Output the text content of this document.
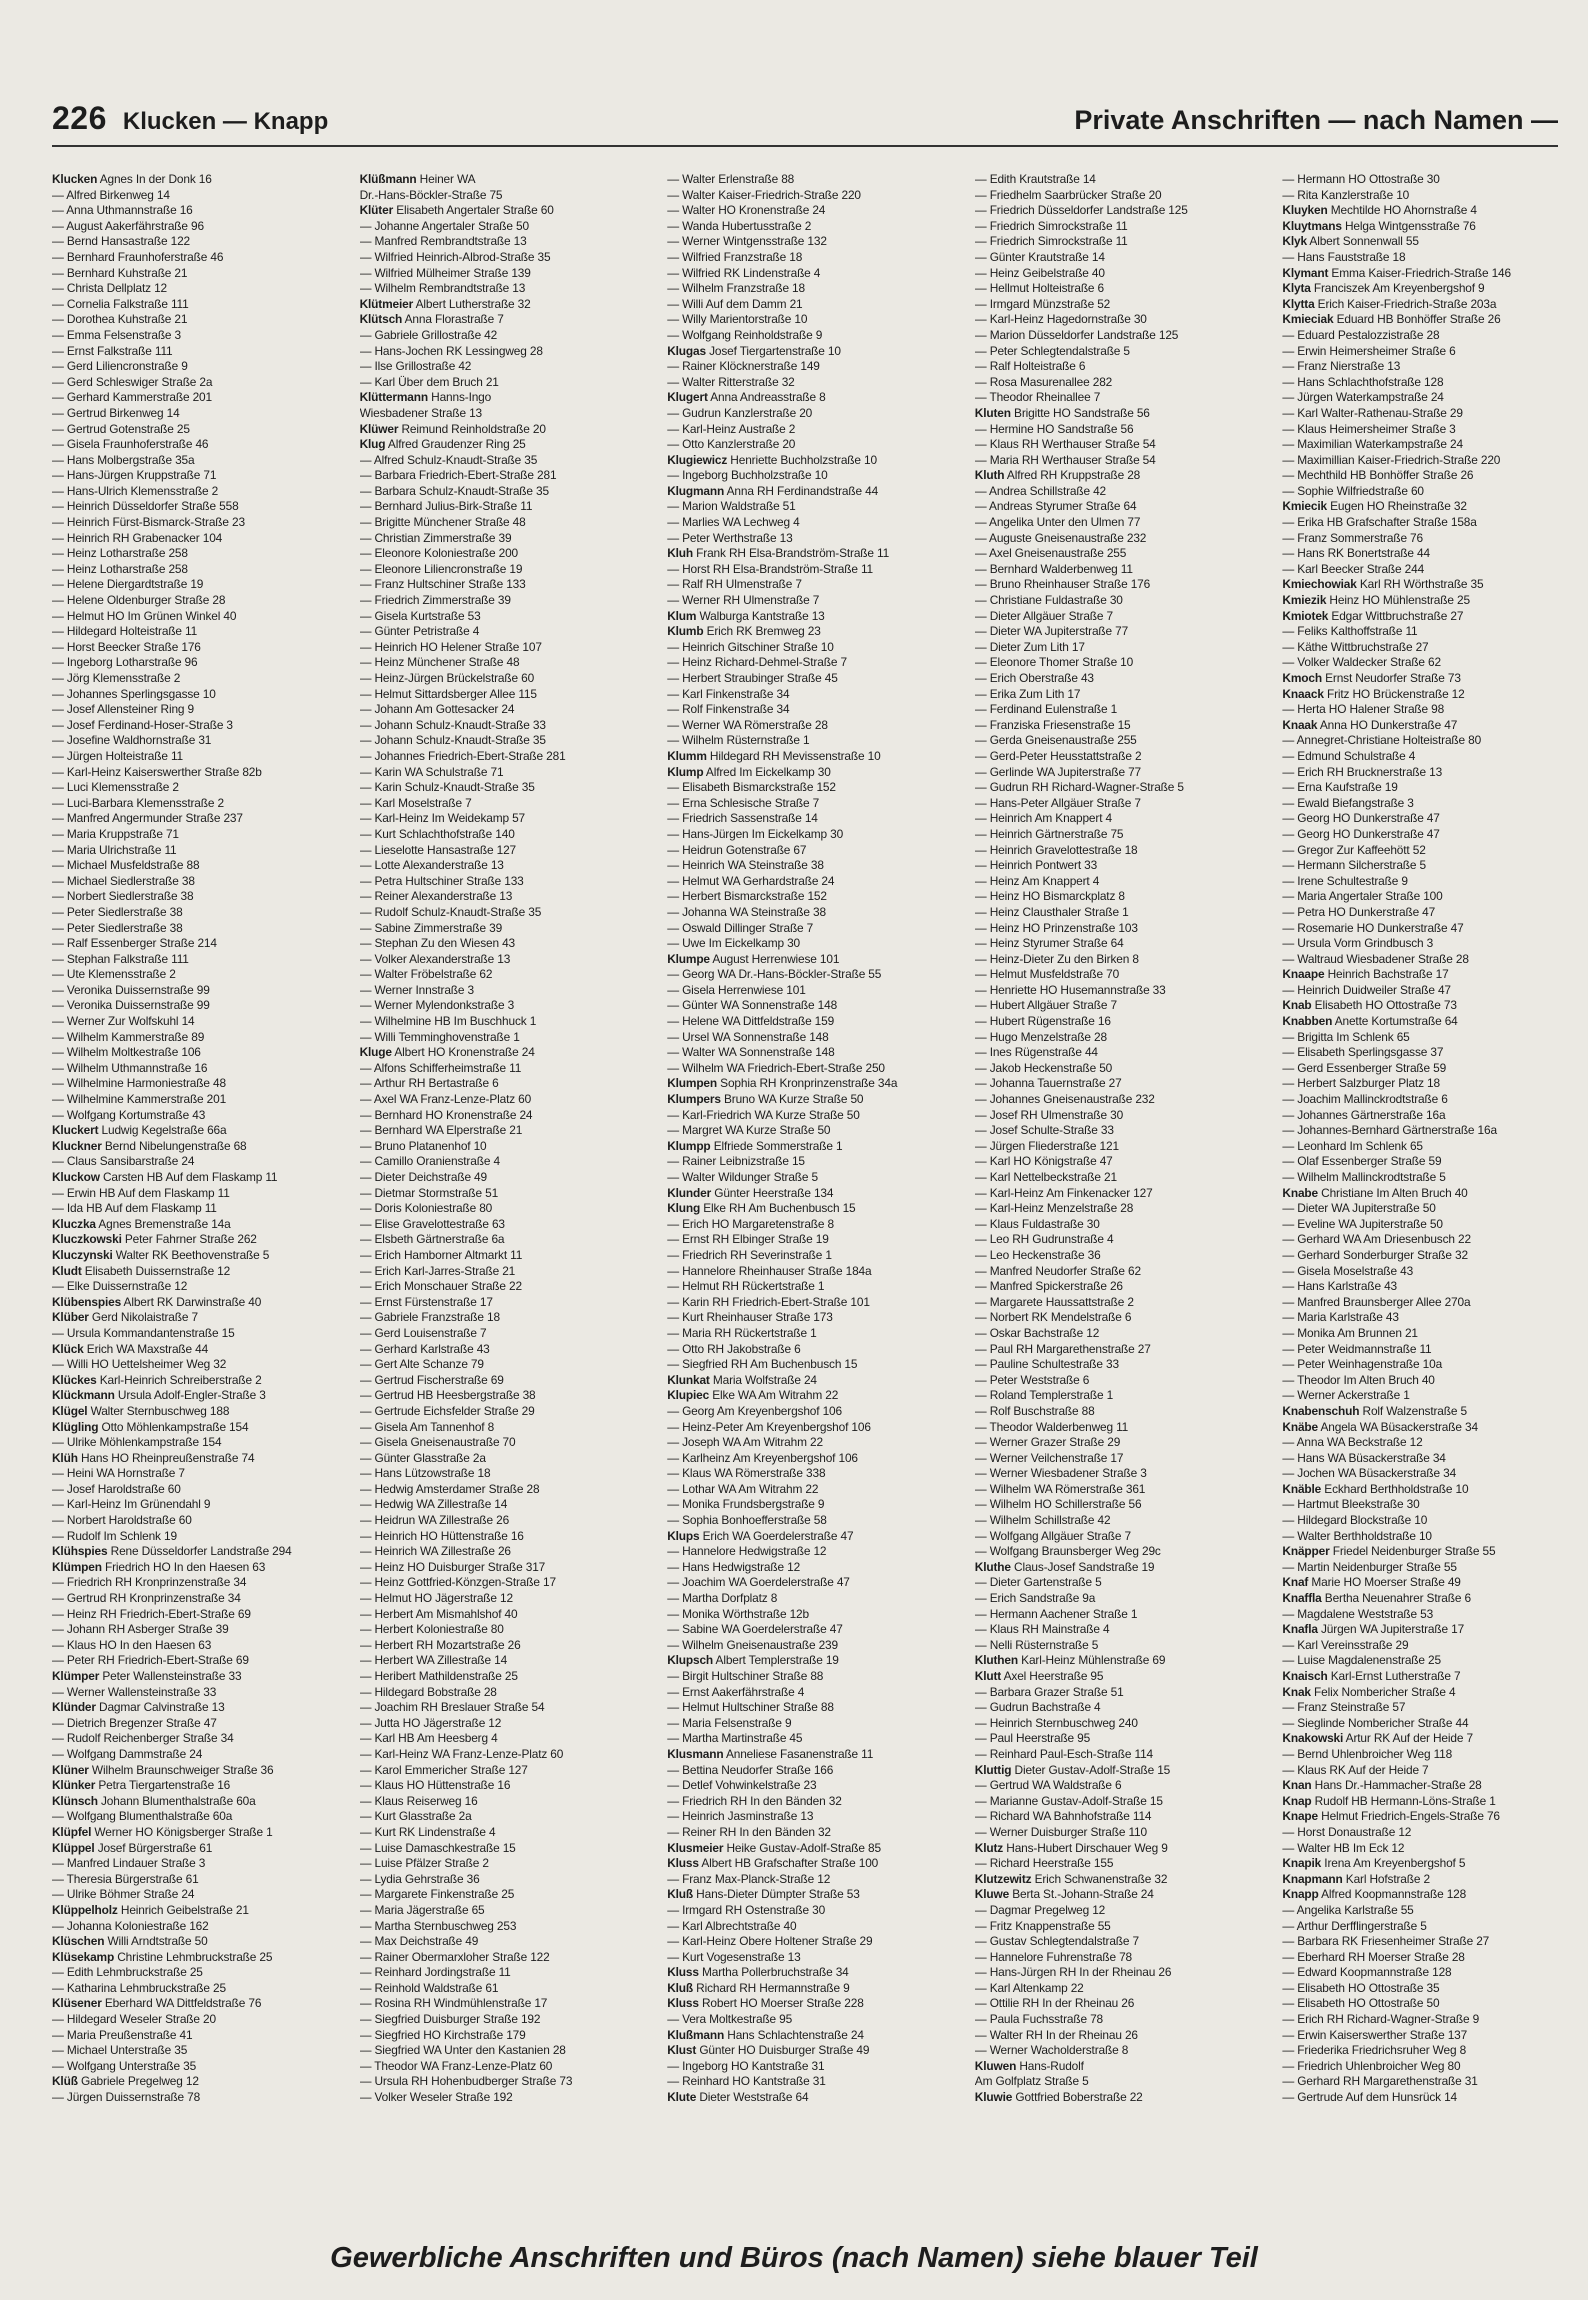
226 Klucken — Knapp	Private Anschriften — nach Namen —
Klucken Agnes In der Donk 16
— Alfred Birkenweg 14
— Anna Uthmannstraße 16
— August Aakerfährstraße 96
— Bernd Hansastraße 122
— Bernhard Fraunhoferstraße 46
— Bernhard Kuhstraße 21
— Christa Dellplatz 12
— Cornelia Falkstraße 111
— Dorothea Kuhstraße 21
— Emma Felsenstraße 3
— Ernst Falkstraße 111
— Gerd Liliencronstraße 9
— Gerd Schleswiger Straße 2a
— Gerhard Kammerstraße 201
— Gertrud Birkenweg 14
— Gertrud Gotenstraße 25
— Gisela Fraunhoferstraße 46
— Hans Molbergstraße 35a
— Hans-Jürgen Kruppstraße 71
— Hans-Ulrich Klemensstraße 2
— Heinrich Düsseldorfer Straße 558
— Heinrich Fürst-Bismarck-Straße 23
— Heinrich RH Grabenacker 104
— Heinz Lotharstraße 258
— Heinz Lotharstraße 258
— Helene Diergardtstraße 19
— Helene Oldenburger Straße 28
— Helmut HO Im Grünen Winkel 40
— Hildegard Holteistraße 11
— Horst Beecker Straße 176
— Ingeborg Lotharstraße 96
— Jörg Klemensstraße 2
— Johannes Sperlingsgasse 10
— Josef Allensteiner Ring 9
— Josef Ferdinand-Hoser-Straße 3
— Josefine Waldhornstraße 31
— Jürgen Holteistraße 11
— Karl-Heinz Kaiserswerther Straße 82b
— Luci Klemensstraße 2
— Luci-Barbara Klemensstraße 2
— Manfred Angermunder Straße 237
— Maria Kruppstraße 71
— Maria Ulrichstraße 11
— Michael Musfeldstraße 88
— Michael Siedlerstraße 38
— Norbert Siedlerstraße 38
— Peter Siedlerstraße 38
— Peter Siedlerstraße 38
— Ralf Essenberger Straße 214
— Stephan Falkstraße 111
— Ute Klemensstraße 2
— Veronika Duissernstraße 99
— Veronika Duissernstraße 99
— Werner Zur Wolfskuhl 14
— Wilhelm Kammerstraße 89
— Wilhelm Moltkestraße 106
— Wilhelm Uthmannstraße 16
— Wilhelmine Harmoniestraße 48
— Wilhelmine Kammerstraße 201
— Wolfgang Kortumstraße 43
Kluckert Ludwig Kegelstraße 66a
Kluckner Bernd Nibelungenstraße 68
— Claus Sansibarstraße 24
Kluckow Carsten HB Auf dem Flaskamp 11
— Erwin HB Auf dem Flaskamp 11
— Ida HB Auf dem Flaskamp 11
Kluczka Agnes Bremenstraße 14a
Kluczkowski Peter Fahrner Straße 262
Kluczynski Walter RK Beethovenstraße 5
Kludt Elisabeth Duissernstraße 12
— Elke Duissernstraße 12
Klübenspies Albert RK Darwinstraße 40
Klüber Gerd Nikolaistraße 7
— Ursula Kommandantenstraße 15
Klück Erich WA Maxstraße 44
— Willi HO Uettelsheimer Weg 32
Klückes Karl-Heinrich Schreiberstraße 2
Klückmann Ursula Adolf-Engler-Straße 3
Klügel Walter Sternbuschweg 188
Klügling Otto Möhlenkampstraße 154
— Ulrike Möhlenkampstraße 154
Klüh Hans HO Rheinpreußenstraße 74
— Heini WA Hornstraße 7
— Josef Haroldstraße 60
— Karl-Heinz Im Grünendahl 9
— Norbert Haroldstraße 60
— Rudolf Im Schlenk 19
Klühspies Rene Düsseldorfer Landstraße 294
Klümpen Friedrich HO In den Haesen 63
— Friedrich RH Kronprinzenstraße 34
— Gertrud RH Kronprinzenstraße 34
— Heinz RH Friedrich-Ebert-Straße 69
— Johann RH Asberger Straße 39
— Klaus HO In den Haesen 63
— Peter RH Friedrich-Ebert-Straße 69
Klümper Peter Wallensteinstraße 33
— Werner Wallensteinstraße 33
Klünder Dagmar Calvinstraße 13
— Dietrich Bregenzer Straße 47
— Rudolf Reichenberger Straße 34
— Wolfgang Dammstraße 24
Klüner Wilhelm Braunschweiger Straße 36
Klünker Petra Tiergartenstraße 16
Klünsch Johann Blumenthalstraße 60a
— Wolfgang Blumenthalstraße 60a
Klüpfel Werner HO Königsberger Straße 1
Klüppel Josef Bürgerstraße 61
— Manfred Lindauer Straße 3
— Theresia Bürgerstraße 61
— Ulrike Böhmer Straße 24
Klüppelholz Heinrich Geibelstraße 21
— Johanna Koloniestraße 162
Klüschen Willi Arndtstraße 50
Klüsekamp Christine Lehmbruckstraße 25
— Edith Lehmbruckstraße 25
— Katharina Lehmbruckstraße 25
Klüsener Eberhard WA Dittfeldstraße 76
— Hildegard Weseler Straße 20
— Maria Preußenstraße 41
— Michael Unterstraße 35
— Wolfgang Unterstraße 35
Klüß Gabriele Pregelweg 12
— Jürgen Duissernstraße 78
Klüßmann Heiner WA
Dr.-Hans-Böckler-Straße 75
Klüter Elisabeth Angertaler Straße 60
— Johanne Angertaler Straße 50
— Manfred Rembrandtstraße 13
— Wilfried Heinrich-Albrod-Straße 35
— Wilfried Mülheimer Straße 139
— Wilhelm Rembrandtstraße 13
Klütmeier Albert Lutherstraße 32
Klütsch Anna Florastraße 7
— Gabriele Grillostraße 42
— Hans-Jochen RK Lessingweg 28
— Ilse Grillostraße 42
— Karl Über dem Bruch 21
Klüttermann Hanns-Ingo
Wiesbadener Straße 13
Klüwer Reimund Reinholdstraße 20
Klug Alfred Graudenzer Ring 25
— Alfred Schulz-Knaudt-Straße 35
— Barbara Friedrich-Ebert-Straße 281
— Barbara Schulz-Knaudt-Straße 35
— Bernhard Julius-Birk-Straße 11
— Brigitte Münchener Straße 48
— Christian Zimmerstraße 39
— Eleonore Koloniestraße 200
— Eleonore Liliencronstraße 19
— Franz Hultschiner Straße 133
— Friedrich Zimmerstraße 39
— Gisela Kurtstraße 53
— Günter Petristraße 4
— Heinrich HO Helener Straße 107
— Heinz Münchener Straße 48
— Heinz-Jürgen Brückelstraße 60
— Helmut Sittardsberger Allee 115
— Johann Am Gottesacker 24
— Johann Schulz-Knaudt-Straße 33
— Johann Schulz-Knaudt-Straße 35
— Johannes Friedrich-Ebert-Straße 281
— Karin WA Schulstraße 71
— Karin Schulz-Knaudt-Straße 35
— Karl Moselstraße 7
— Karl-Heinz Im Weidekamp 57
— Kurt Schlachthofstraße 140
— Lieselotte Hansastraße 127
— Lotte Alexanderstraße 13
— Petra Hultschiner Straße 133
— Reiner Alexanderstraße 13
— Rudolf Schulz-Knaudt-Straße 35
— Sabine Zimmerstraße 39
— Stephan Zu den Wiesen 43
— Volker Alexanderstraße 13
— Walter Fröbelstraße 62
— Werner Innstraße 3
— Werner Mylendonkstraße 3
— Wilhelmine HB Im Buschhuck 1
— Willi Temminghovenstraße 1
Kluge Albert HO Kronenstraße 24
— Alfons Schifferheimstraße 11
— Arthur RH Bertastraße 6
— Axel WA Franz-Lenze-Platz 60
— Bernhard HO Kronenstraße 24
— Bernhard WA Elperstraße 21
— Bruno Platanenhof 10
— Camillo Oranienstraße 4
— Dieter Deichstraße 49
— Dietmar Stormstraße 51
— Doris Koloniestraße 80
— Elise Gravelottestraße 63
— Elsbeth Gärtnerstraße 6a
— Erich Hamborner Altmarkt 11
— Erich Karl-Jarres-Straße 21
— Erich Monschauer Straße 22
— Ernst Fürstenstraße 17
— Gabriele Franzstraße 18
— Gerd Louisenstraße 7
— Gerhard Karlstraße 43
— Gert Alte Schanze 79
— Gertrud Fischerstraße 69
— Gertrud HB Heesbergstraße 38
— Gertrude Eichsfelder Straße 29
— Gisela Am Tannenhof 8
— Gisela Gneisenaustraße 70
— Günter Glasstraße 2a
— Hans Lützowstraße 18
— Hedwig Amsterdamer Straße 28
— Hedwig WA Zillestraße 14
— Heidrun WA Zillestraße 26
— Heinrich HO Hüttenstraße 16
— Heinrich WA Zillestraße 26
— Heinz HO Duisburger Straße 317
— Heinz Gottfried-Könzgen-Straße 17
— Helmut HO Jägerstraße 12
— Herbert Am Mismahlshof 40
— Herbert Koloniestraße 80
— Herbert RH Mozartstraße 26
— Herbert WA Zillestraße 14
— Heribert Mathildenstraße 25
— Hildegard Bobstraße 28
— Joachim RH Breslauer Straße 54
— Jutta HO Jägerstraße 12
— Karl HB Am Heesberg 4
— Karl-Heinz WA Franz-Lenze-Platz 60
— Karol Emmericher Straße 127
— Klaus HO Hüttenstraße 16
— Klaus Reiserweg 16
— Kurt Glasstraße 2a
— Kurt RK Lindenstraße 4
— Luise Damaschkestraße 15
— Luise Pfälzer Straße 2
— Lydia Gehrstraße 36
— Margarete Finkenstraße 25
— Maria Jägerstraße 65
— Martha Sternbuschweg 253
— Max Deichstraße 49
— Rainer Obermarxloher Straße 122
— Reinhard Jordingstraße 11
— Reinhold Waldstraße 61
— Rosina RH Windmühlenstraße 17
— Siegfried Duisburger Straße 192
— Siegfried HO Kirchstraße 179
— Siegfried WA Unter den Kastanien 28
— Theodor WA Franz-Lenze-Platz 60
— Ursula RH Hohenbudberger Straße 73
— Volker Weseler Straße 192
— Walter Erlenstraße 88
— Walter Kaiser-Friedrich-Straße 220
— Walter HO Kronenstraße 24
— Wanda Hubertusstraße 2
— Werner Wintgensstraße 132
— Wilfried Franzstraße 18
— Wilfried RK Lindenstraße 4
— Wilhelm Franzstraße 18
— Willi Auf dem Damm 21
— Willy Marientorstraße 10
— Wolfgang Reinholdstraße 9
Klugas Josef Tiergartenstraße 10
— Rainer Klöcknerstraße 149
— Walter Ritterstraße 32
Klugert Anna Andreasstraße 8
— Gudrun Kanzlerstraße 20
— Karl-Heinz Austraße 2
— Otto Kanzlerstraße 20
Klugiewicz Henriette Buchholzstraße 10
— Ingeborg Buchholzstraße 10
Klugmann Anna RH Ferdinandstraße 44
— Marion Waldstraße 51
— Marlies WA Lechweg 4
— Peter Werthstraße 13
Kluh Frank RH Elsa-Brandström-Straße 11
— Horst RH Elsa-Brandström-Straße 11
— Ralf RH Ulmenstraße 7
— Werner RH Ulmenstraße 7
Klum Walburga Kantstraße 13
Klumb Erich RK Bremweg 23
— Heinrich Gitschiner Straße 10
— Heinz Richard-Dehmel-Straße 7
— Herbert Straubinger Straße 45
— Karl Finkenstraße 34
— Rolf Finkenstraße 34
— Werner WA Römerstraße 28
— Wilhelm Rüsternstraße 1
Klumm Hildegard RH Mevissenstraße 10
Klump Alfred Im Eickelkamp 30
— Elisabeth Bismarckstraße 152
— Erna Schlesische Straße 7
— Friedrich Sassenstraße 14
— Hans-Jürgen Im Eickelkamp 30
— Heidrun Gotenstraße 67
— Heinrich WA Steinstraße 38
— Helmut WA Gerhardstraße 24
— Herbert Bismarckstraße 152
— Johanna WA Steinstraße 38
— Oswald Dillinger Straße 7
— Uwe Im Eickelkamp 30
Klumpe August Herrenwiese 101
— Georg WA Dr.-Hans-Böckler-Straße 55
— Gisela Herrenwiese 101
— Günter WA Sonnenstraße 148
— Helene WA Dittfeldstraße 159
— Ursel WA Sonnenstraße 148
— Walter WA Sonnenstraße 148
— Wilhelm WA Friedrich-Ebert-Straße 250
Klumpen Sophia RH Kronprinzenstraße 34a
Klumpers Bruno WA Kurze Straße 50
— Karl-Friedrich WA Kurze Straße 50
— Margret WA Kurze Straße 50
Klumpp Elfriede Sommerstraße 1
— Rainer Leibnizstraße 15
— Walter Wildunger Straße 5
Klunder Günter Heerstraße 134
Klung Elke RH Am Buchenbusch 15
— Erich HO Margaretenstraße 8
— Ernst RH Elbinger Straße 19
— Friedrich RH Severinstraße 1
— Hannelore Rheinhauser Straße 184a
— Helmut RH Rückertstraße 1
— Karin RH Friedrich-Ebert-Straße 101
— Kurt Rheinhauser Straße 173
— Maria RH Rückertstraße 1
— Otto RH Jakobstraße 6
— Siegfried RH Am Buchenbusch 15
Klunkat Maria Wolfstraße 24
Klupiec Elke WA Am Witrahm 22
— Georg Am Kreyenbergshof 106
— Heinz-Peter Am Kreyenbergshof 106
— Joseph WA Am Witrahm 22
— Karlheinz Am Kreyenbergshof 106
— Klaus WA Römerstraße 338
— Lothar WA Am Witrahm 22
— Monika Frundsbergstraße 9
— Sophia Bonhoefferstraße 58
Klups Erich WA Goerdelerstraße 47
— Hannelore Hedwigstraße 12
— Hans Hedwigstraße 12
— Joachim WA Goerdelerstraße 47
— Martha Dorfplatz 8
— Monika Wörthstraße 12b
— Sabine WA Goerdelerstraße 47
— Wilhelm Gneisenaustraße 239
Klupsch Albert Templerstraße 19
— Birgit Hultschiner Straße 88
— Ernst Aakerfährstraße 4
— Helmut Hultschiner Straße 88
— Maria Felsenstraße 9
— Martha Martinstraße 45
Klusmann Anneliese Fasanenstraße 11
— Bettina Neudorfer Straße 166
— Detlef Vohwinkelstraße 23
— Friedrich RH In den Bänden 32
— Heinrich Jasminstraße 13
— Reiner RH In den Bänden 32
Klusmeier Heike Gustav-Adolf-Straße 85
Kluss Albert HB Grafschafter Straße 100
— Franz Max-Planck-Straße 12
Kluß Hans-Dieter Dümpter Straße 53
— Irmgard RH Ostenstraße 30
— Karl Albrechtstraße 40
— Karl-Heinz Obere Holtener Straße 29
— Kurt Vogesenstraße 13
Kluss Martha Pollerbruchstraße 34
Kluß Richard RH Hermannstraße 9
Kluss Robert HO Moerser Straße 228
— Vera Moltkestraße 95
Klußmann Hans Schlachtenstraße 24
Klust Günter HO Duisburger Straße 49
— Ingeborg HO Kantstraße 31
— Reinhard HO Kantstraße 31
Klute Dieter Weststraße 64
— Edith Krautstraße 14
— Friedhelm Saarbrücker Straße 20
— Friedrich Düsseldorfer Landstraße 125
— Friedrich Simrockstraße 11
— Friedrich Simrockstraße 11
— Günter Krautstraße 14
— Heinz Geibelstraße 40
— Hellmut Holteistraße 6
— Irmgard Münzstraße 52
— Karl-Heinz Hagedornstraße 30
— Marion Düsseldorfer Landstraße 125
— Peter Schlegtendalstraße 5
— Ralf Holteistraße 6
— Rosa Masurenallee 282
— Theodor Rheinallee 7
Kluten Brigitte HO Sandstraße 56
— Hermine HO Sandstraße 56
— Klaus RH Werthauser Straße 54
— Maria RH Werthauser Straße 54
Kluth Alfred RH Kruppstraße 28
— Andrea Schillstraße 42
— Andreas Styrumer Straße 64
— Angelika Unter den Ulmen 77
— Auguste Gneisenaustraße 232
— Axel Gneisenaustraße 255
— Bernhard Walderbenweg 11
— Bruno Rheinhauser Straße 176
— Christiane Fuldastraße 30
— Dieter Allgäuer Straße 7
— Dieter WA Jupiterstraße 77
— Dieter Zum Lith 17
— Eleonore Thomer Straße 10
— Erich Oberstraße 43
— Erika Zum Lith 17
— Ferdinand Eulenstraße 1
— Franziska Friesenstraße 15
— Gerda Gneisenaustraße 255
— Gerd-Peter Heusstattstraße 2
— Gerlinde WA Jupiterstraße 77
— Gudrun RH Richard-Wagner-Straße 5
— Hans-Peter Allgäuer Straße 7
— Heinrich Am Knappert 4
— Heinrich Gärtnerstraße 75
— Heinrich Gravelottestraße 18
— Heinrich Pontwert 33
— Heinz Am Knappert 4
— Heinz HO Bismarckplatz 8
— Heinz Clausthaler Straße 1
— Heinz HO Prinzenstraße 103
— Heinz Styrumer Straße 64
— Heinz-Dieter Zu den Birken 8
— Helmut Musfeldstraße 70
— Henriette HO Husemannstraße 33
— Hubert Allgäuer Straße 7
— Hubert Rügenstraße 16
— Hugo Menzelstraße 28
— Ines Rügenstraße 44
— Jakob Heckenstraße 50
— Johanna Tauernstraße 27
— Johannes Gneisenaustraße 232
— Josef RH Ulmenstraße 30
— Josef Schulte-Straße 33
— Jürgen Fliederstraße 121
— Karl HO Königstraße 47
— Karl Nettelbeckstraße 21
— Karl-Heinz Am Finkenacker 127
— Karl-Heinz Menzelstraße 28
— Klaus Fuldastraße 30
— Leo RH Gudrunstraße 4
— Leo Heckenstraße 36
— Manfred Neudorfer Straße 62
— Manfred Spickerstraße 26
— Margarete Haussattstraße 2
— Norbert RK Mendelstraße 6
— Oskar Bachstraße 12
— Paul RH Margarethenstraße 27
— Pauline Schultestraße 33
— Peter Weststraße 6
— Roland Templerstraße 1
— Rolf Buschstraße 88
— Theodor Walderbenweg 11
— Werner Grazer Straße 29
— Werner Veilchenstraße 17
— Werner Wiesbadener Straße 3
— Wilhelm WA Römerstraße 361
— Wilhelm HO Schillerstraße 56
— Wilhelm Schillstraße 42
— Wolfgang Allgäuer Straße 7
— Wolfgang Braunsberger Weg 29c
Kluthe Claus-Josef Sandstraße 19
— Dieter Gartenstraße 5
— Erich Sandstraße 9a
— Hermann Aachener Straße 1
— Klaus RH Mainstraße 4
— Nelli Rüsternstraße 5
Kluthen Karl-Heinz Mühlenstraße 69
Klutt Axel Heerstraße 95
— Barbara Grazer Straße 51
— Gudrun Bachstraße 4
— Heinrich Sternbuschweg 240
— Paul Heerstraße 95
— Reinhard Paul-Esch-Straße 114
Kluttig Dieter Gustav-Adolf-Straße 15
— Gertrud WA Waldstraße 6
— Marianne Gustav-Adolf-Straße 15
— Richard WA Bahnhofstraße 114
— Werner Duisburger Straße 110
Klutz Hans-Hubert Dirschauer Weg 9
— Richard Heerstraße 155
Klutzewitz Erich Schwanenstraße 32
Kluwe Berta St.-Johann-Straße 24
— Dagmar Pregelweg 12
— Fritz Knappenstraße 55
— Gustav Schlegtendalstraße 7
— Hannelore Fuhrenstraße 78
— Hans-Jürgen RH In der Rheinau 26
— Karl Altenkamp 22
— Ottilie RH In der Rheinau 26
— Paula Fuchsstraße 78
— Walter RH In der Rheinau 26
— Werner Wacholderstraße 8
Kluwen Hans-Rudolf
Am Golfplatz Straße 5
Kluwie Gottfried Boberstraße 22
— Hermann HO Ottostraße 30
— Rita Kanzlerstraße 10
Kluyken Mechtilde HO Ahornstraße 4
Kluytmans Helga Wintgensstraße 76
Klyk Albert Sonnenwall 55
— Hans Fauststraße 18
Klymant Emma Kaiser-Friedrich-Straße 146
Klyta Franciszek Am Kreyenbergshof 9
Klytta Erich Kaiser-Friedrich-Straße 203a
Kmieciak Eduard HB Bonhöffer Straße 26
— Eduard Pestalozzistraße 28
— Erwin Heimersheimer Straße 6
— Franz Nierstraße 13
— Hans Schlachthofstraße 128
— Jürgen Waterkampstraße 24
— Karl Walter-Rathenau-Straße 29
— Klaus Heimersheimer Straße 3
— Maximilian Waterkampstraße 24
— Maximillian Kaiser-Friedrich-Straße 220
— Mechthild HB Bonhöffer Straße 26
— Sophie Wilfriedstraße 60
Kmiecik Eugen HO Rheinstraße 32
— Erika HB Grafschafter Straße 158a
— Franz Sommerstraße 76
— Hans RK Bonertstraße 44
— Karl Beecker Straße 244
Kmiechowiak Karl RH Wörthstraße 35
Kmiezik Heinz HO Mühlenstraße 25
Kmiotek Edgar Wittbruchstraße 27
— Feliks Kalthoffstraße 11
— Käthe Wittbruchstraße 27
— Volker Waldecker Straße 62
Kmoch Ernst Neudorfer Straße 73
Knaack Fritz HO Brückenstraße 12
— Herta HO Halener Straße 98
Knaak Anna HO Dunkerstraße 47
— Annegret-Christiane Holteistraße 80
— Edmund Schulstraße 4
— Erich RH Brucknerstraße 13
— Erna Kaufstraße 19
— Ewald Biefangstraße 3
— Georg HO Dunkerstraße 47
— Georg HO Dunkerstraße 47
— Gregor Zur Kaffeehött 52
— Hermann Silcherstraße 5
— Irene Schultestraße 9
— Maria Angertaler Straße 100
— Petra HO Dunkerstraße 47
— Rosemarie HO Dunkerstraße 47
— Ursula Vorm Grindbusch 3
— Waltraud Wiesbadener Straße 28
Knaape Heinrich Bachstraße 17
— Heinrich Duidweiler Straße 47
Knab Elisabeth HO Ottostraße 73
Knabben Anette Kortumstraße 64
— Brigitta Im Schlenk 65
— Elisabeth Sperlingsgasse 37
— Gerd Essenberger Straße 59
— Herbert Salzburger Platz 18
— Joachim Mallinckrodtstraße 6
— Johannes Gärtnerstraße 16a
— Johannes-Bernhard Gärtnerstraße 16a
— Leonhard Im Schlenk 65
— Olaf Essenberger Straße 59
— Wilhelm Mallinckrodtstraße 5
Knabe Christiane Im Alten Bruch 40
— Dieter WA Jupiterstraße 50
— Eveline WA Jupiterstraße 50
— Gerhard WA Am Driesenbusch 22
— Gerhard Sonderburger Straße 32
— Gisela Moselstraße 43
— Hans Karlstraße 43
— Manfred Braunsberger Allee 270a
— Maria Karlstraße 43
— Monika Am Brunnen 21
— Peter Weidmannstraße 11
— Peter Weinhagenstraße 10a
— Theodor Im Alten Bruch 40
— Werner Ackerstraße 1
Knabenschuh Rolf Walzenstraße 5
Knäbe Angela WA Büsackerstraße 34
— Anna WA Beckstraße 12
— Hans WA Büsackerstraße 34
— Jochen WA Büsackerstraße 34
Knäble Eckhard Berthholdstraße 10
— Hartmut Bleekstraße 30
— Hildegard Blockstraße 10
— Walter Berthholdstraße 10
Knäpper Friedel Neidenburger Straße 55
— Martin Neidenburger Straße 55
Knaf Marie HO Moerser Straße 49
Knaffla Bertha Neuenahrer Straße 6
— Magdalene Weststraße 53
Knafla Jürgen WA Jupiterstraße 17
— Karl Vereinsstraße 29
— Luise Magdalenenstraße 25
Knaisch Karl-Ernst Lutherstraße 7
Knak Felix Nombericher Straße 4
— Franz Steinstraße 57
— Sieglinde Nombericher Straße 44
Knakowski Artur RK Auf der Heide 7
— Bernd Uhlenbroicher Weg 118
— Klaus RK Auf der Heide 7
Knan Hans Dr.-Hammacher-Straße 28
Knap Rudolf HB Hermann-Löns-Straße 1
Knape Helmut Friedrich-Engels-Straße 76
— Horst Donaustraße 12
— Walter HB Im Eck 12
Knapik Irena Am Kreyenbergshof 5
Knapmann Karl Hofstraße 2
Knapp Alfred Koopmannstraße 128
— Angelika Karlstraße 55
— Arthur Derfflingerstraße 5
— Barbara RK Friesenheimer Straße 27
— Eberhard RH Moerser Straße 28
— Edward Koopmannstraße 128
— Elisabeth HO Ottostraße 35
— Elisabeth HO Ottostraße 50
— Erich RH Richard-Wagner-Straße 9
— Erwin Kaiserswerther Straße 137
— Friederika Friedrichsruher Weg 8
— Friedrich Uhlenbroicher Weg 80
— Gerhard RH Margarethenstraße 31
— Gertrude Auf dem Hunsrück 14
Gewerbliche Anschriften und Büros (nach Namen) siehe blauer Teil
